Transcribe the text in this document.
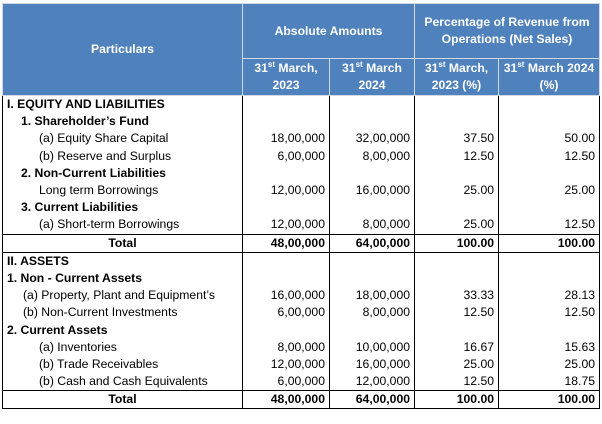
Particulars	Absolute Amounts		Percentage of Revenue from Operations (Net Sales)	
	31st March, 2023	31st March 2024	31st March, 2023 (%)	31st March 2024 (%)
I. EQUITY AND LIABILITIES				
1. Shareholder’s Fund				
(a) Equity Share Capital	18,00,000	32,00,000	37.50	50.00
(b) Reserve and Surplus	6,00,000	8,00,000	12.50	12.50
2. Non-Current Liabilities				
Long term Borrowings	12,00,000	16,00,000	25.00	25.00
3. Current Liabilities				
(a) Short-term Borrowings	12,00,000	8,00,000	25.00	12.50
Total	48,00,000	64,00,000	100.00	100.00
II. ASSETS				
1. Non - Current Assets				
(a) Property, Plant and Equipment’s	16,00,000	18,00,000	33.33	28.13
(b) Non-Current Investments	6,00,000	8,00,000	12.50	12.50
2. Current Assets				
(a) Inventories	8,00,000	10,00,000	16.67	15.63
(b) Trade Receivables	12,00,000	16,00,000	25.00	25.00
(b) Cash and Cash Equivalents	6,00,000	12,00,000	12.50	18.75
Total	48,00,000	64,00,000	100.00	100.00
